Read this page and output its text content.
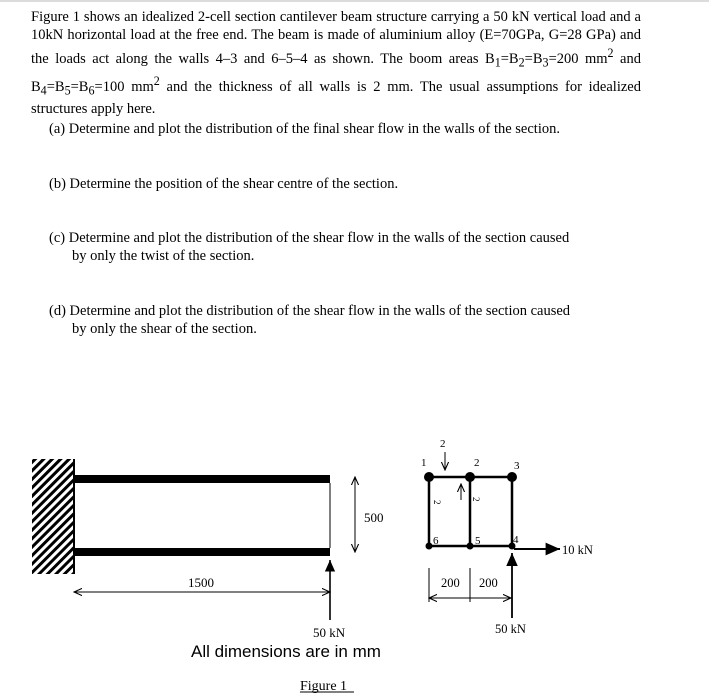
Figure 1 shows an idealized 2-cell section cantilever beam structure carrying a 50 kN vertical load and a 10kN horizontal load at the free end. The beam is made of aluminium alloy (E=70GPa, G=28 GPa) and the loads act along the walls 4–3 and 6–5–4 as shown. The boom areas $B_1=B_2=B_3=200$ $mm^2$ and $B_4=B_5=B_6=100$ $mm^2$ and the thickness of all walls is 2 mm. The usual assumptions for idealized structures apply here.
(a) Determine and plot the distribution of the final shear flow in the walls of the section.
(b) Determine the position of the shear centre of the section.
(c) Determine and plot the distribution of the shear flow in the walls of the section caused
by only the twist of the section.
(d) Determine and plot the distribution of the shear flow in the walls of the section caused
by only the shear of the section.
1500
500
50 kN
All dimensions are in mm
Figure 1
1	2	3
4
5
6
2
2
2
10 kN
200 200
50 kN
